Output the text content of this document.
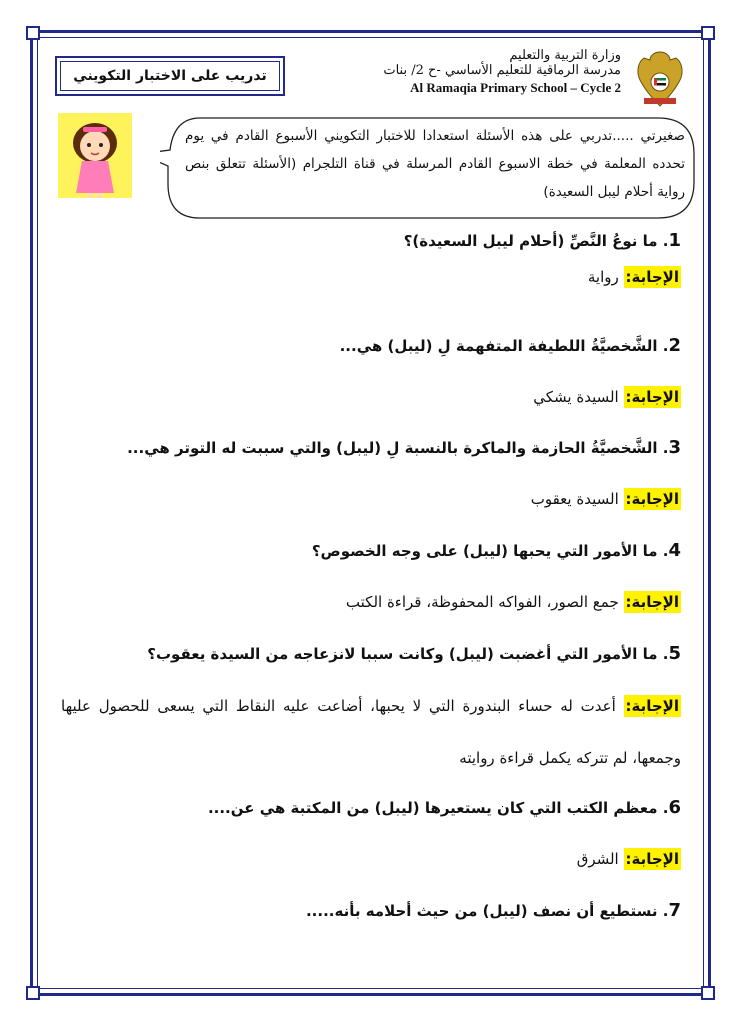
وزارة التربية والتعليم
مدرسة الرماقية للتعليم الأساسي -ح 2/ بنات
Al Ramaqia Primary School – Cycle 2
تدريب على الاختبار التكويني
صغيرتي .....تدربي على هذه الأسئلة استعدادا للاختبار التكويني الأسبوع القادم في يوم تحدده المعلمة في خطة الاسبوع القادم المرسلة في قناة التلجرام (الأسئلة تتعلق بنص رواية أحلام ليبل السعيدة)
1. ما نوعُ النَّصِّ (أحلام ليبل السعيدة)؟
الإجابة: رواية
2. الشَّخصيَّةُ اللطيفة المتفهمة لِ (ليبل) هي...
الإجابة: السيدة يشكي
3. الشَّخصيَّةُ الحازمة والماكرة بالنسبة لِ (ليبل) والتي سببت له التوتر هي...
الإجابة: السيدة يعقوب
4. ما الأمور التي يحبها (ليبل) على وجه الخصوص؟
الإجابة: جمع الصور، الفواكه المحفوظة، قراءة الكتب
5. ما الأمور التي أغضبت (ليبل) وكانت سببا لانزعاجه من السيدة يعقوب؟
الإجابة: أعدت له حساء البندورة التي لا يحبها، أضاعت عليه النقاط التي يسعى للحصول عليها وجمعها، لم تتركه يكمل قراءة روايته
6. معظم الكتب التي كان يستعيرها (ليبل) من المكتبة هي عن....
الإجابة: الشرق
7. نستطيع أن نصف (ليبل) من حيث أحلامه بأنه.....
